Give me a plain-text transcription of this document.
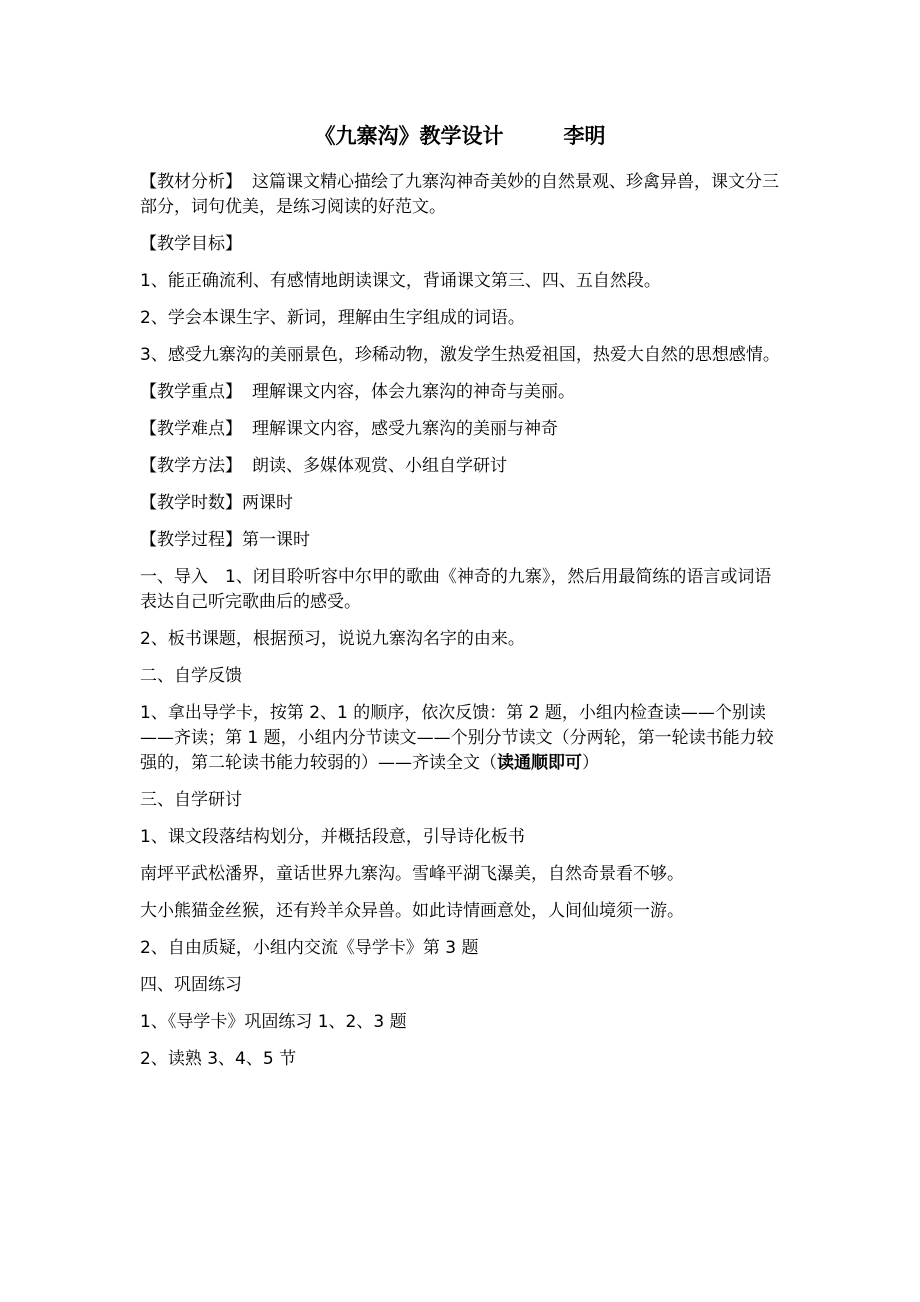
《九寨沟》教学设计	李明

【教材分析】 这篇课文精心描绘了九寨沟神奇美妙的自然景观、珍禽异兽，课文分三部分，词句优美，是练习阅读的好范文。

【教学目标】

1、能正确流利、有感情地朗读课文，背诵课文第三、四、五自然段。

2、学会本课生字、新词，理解由生字组成的词语。

3、感受九寨沟的美丽景色，珍稀动物，激发学生热爱祖国，热爱大自然的思想感情。

【教学重点】 理解课文内容，体会九寨沟的神奇与美丽。

【教学难点】 理解课文内容，感受九寨沟的美丽与神奇

【教学方法】 朗读、多媒体观赏、小组自学研讨

【教学时数】两课时

【教学过程】第一课时

一、导入　1、闭目聆听容中尔甲的歌曲《神奇的九寨》，然后用最简练的语言或词语表达自己听完歌曲后的感受。

2、板书课题，根据预习，说说九寨沟名字的由来。

二、自学反馈

1、拿出导学卡，按第 2、1 的顺序，依次反馈：第 2 题，小组内检查读——个别读——齐读；第 1 题，小组内分节读文——个别分节读文（分两轮，第一轮读书能力较强的，第二轮读书能力较弱的）——齐读全文（读通顺即可）

三、自学研讨

1、课文段落结构划分，并概括段意，引导诗化板书

南坪平武松潘界，童话世界九寨沟。雪峰平湖飞瀑美，自然奇景看不够。

大小熊猫金丝猴，还有羚羊众异兽。如此诗情画意处，人间仙境须一游。

2、自由质疑，小组内交流《导学卡》第 3 题

四、巩固练习

1、《导学卡》巩固练习 1、2、3 题

2、读熟 3、4、5 节
